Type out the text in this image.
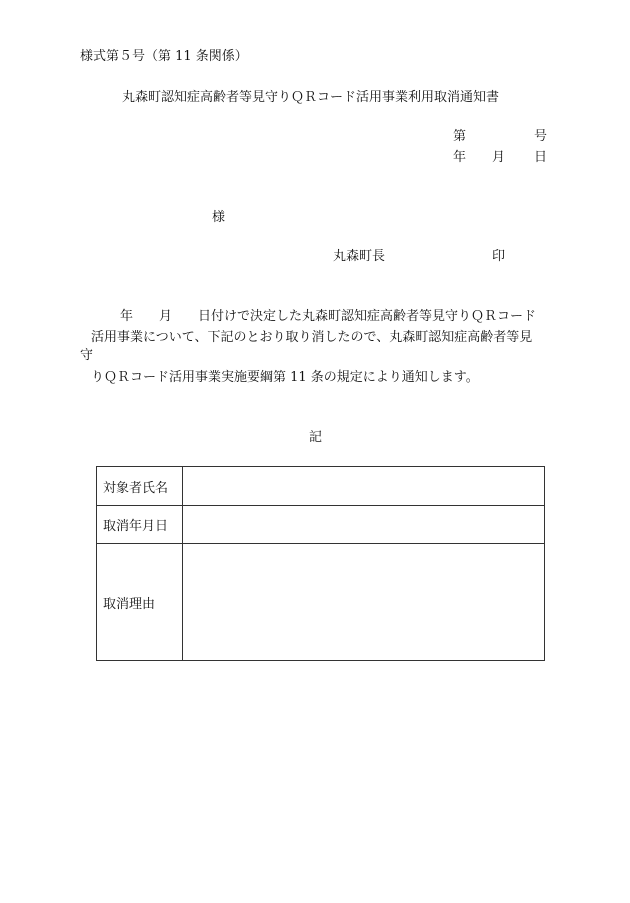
様式第５号（第 11 条関係）
丸森町認知症高齢者等見守りＱＲコード活用事業利用取消通知書
第	号
年 月 日
様
丸森町長	印
年 月 日付けで決定した丸森町認知症高齢者等見守りＱＲコード
活用事業について、下記のとおり取り消したので、丸森町認知症高齢者等見
守
りＱＲコード活用事業実施要綱第 11 条の規定により通知します。
記
対象者氏名	
取消年月日	
取消理由	
